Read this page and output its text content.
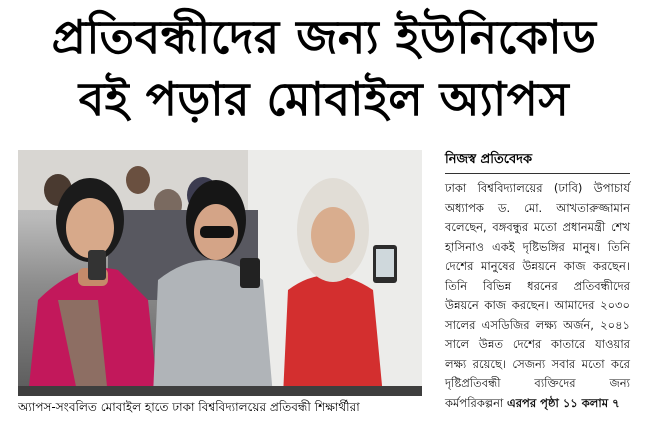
প্রতিবন্ধীদের জন্য ইউনিকোড
বই পড়ার মোবাইল অ্যাপস
অ্যাপস-সংবলিত মোবাইল হাতে ঢাকা বিশ্ববিদ্যালয়ের প্রতিবন্ধী শিক্ষার্থীরা
নিজস্ব প্রতিবেদক
ঢাকা বিশ্ববিদ্যালয়ের (ঢাবি) উপাচার্য অধ্যাপক ড. মো. আখতারুজ্জামান বলেছেন, বঙ্গবন্ধুর মতো প্রধানমন্ত্রী শেখ হাসিনাও একই দৃষ্টিভঙ্গির মানুষ। তিনি দেশের মানুষের উন্নয়নে কাজ করছেন। তিনি বিভিন্ন ধরনের প্রতিবন্ধীদের উন্নয়নে কাজ করছেন। আমাদের ২০৩০ সালের এসডিজির লক্ষ্য অর্জন, ২০৪১ সালে উন্নত দেশের কাতারে যাওয়ার লক্ষ্য রয়েছে। সেজন্য সবার মতো করে দৃষ্টিপ্রতিবন্ধী ব্যক্তিদের জন্য কর্মপরিকল্পনা এরপর পৃষ্ঠা ১১ কলাম ৭
